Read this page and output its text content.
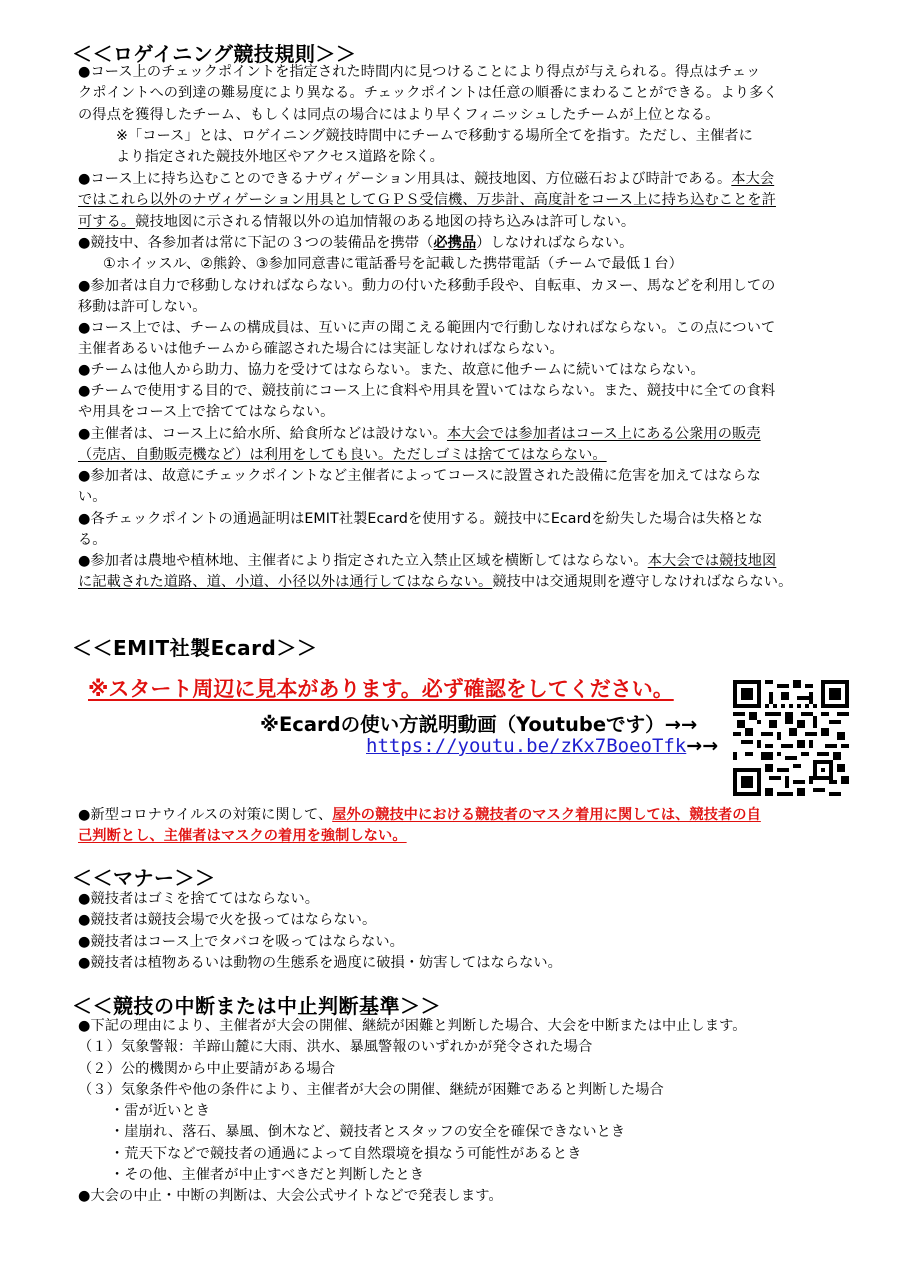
＜＜ロゲイニング競技規則＞＞
●コース上のチェックポイントを指定された時間内に見つけることにより得点が与えられる。得点はチェッ
クポイントへの到達の難易度により異なる。チェックポイントは任意の順番にまわることができる。より多く
の得点を獲得したチーム、もしくは同点の場合にはより早くフィニッシュしたチームが上位となる。
※「コース」とは、ロゲイニング競技時間中にチームで移動する場所全てを指す。ただし、主催者に
より指定された競技外地区やアクセス道路を除く。
●コース上に持ち込むことのできるナヴィゲーション用具は、競技地図、方位磁石および時計である。本大会
ではこれら以外のナヴィゲーション用具としてＧＰＳ受信機、万歩計、高度計をコース上に持ち込むことを許
可する。競技地図に示される情報以外の追加情報のある地図の持ち込みは許可しない。
●競技中、各参加者は常に下記の３つの装備品を携帯（必携品）しなければならない。
①ホイッスル、②熊鈴、③参加同意書に電話番号を記載した携帯電話（チームで最低１台）
●参加者は自力で移動しなければならない。動力の付いた移動手段や、自転車、カヌー、馬などを利用しての
移動は許可しない。
●コース上では、チームの構成員は、互いに声の聞こえる範囲内で行動しなければならない。この点について
主催者あるいは他チームから確認された場合には実証しなければならない。
●チームは他人から助力、協力を受けてはならない。また、故意に他チームに続いてはならない。
●チームで使用する目的で、競技前にコース上に食料や用具を置いてはならない。また、競技中に全ての食料
や用具をコース上で捨ててはならない。
●主催者は、コース上に給水所、給食所などは設けない。本大会では参加者はコース上にある公衆用の販売
（売店、自動販売機など）は利用をしても良い。ただしゴミは捨ててはならない。
●参加者は、故意にチェックポイントなど主催者によってコースに設置された設備に危害を加えてはならな
い。
●各チェックポイントの通過証明はEMIT社製Ecardを使用する。競技中にEcardを紛失した場合は失格とな
る。
●参加者は農地や植林地、主催者により指定された立入禁止区域を横断してはならない。本大会では競技地図
に記載された道路、道、小道、小径以外は通行してはならない。競技中は交通規則を遵守しなければならない。
＜＜EMIT社製Ecard＞＞
※スタート周辺に見本があります。必ず確認をしてください。
※Ecardの使い方説明動画（Youtubeです）→→
https://youtu.be/zKx7BoeoTfk→→
●新型コロナウイルスの対策に関して、屋外の競技中における競技者のマスク着用に関しては、競技者の自
己判断とし、主催者はマスクの着用を強制しない。
＜＜マナー＞＞
●競技者はゴミを捨ててはならない。
●競技者は競技会場で火を扱ってはならない。
●競技者はコース上でタバコを吸ってはならない。
●競技者は植物あるいは動物の生態系を過度に破損・妨害してはならない。
＜＜競技の中断または中止判断基準＞＞
●下記の理由により、主催者が大会の開催、継続が困難と判断した場合、大会を中断または中止します。
（１）気象警報：羊蹄山麓に大雨、洪水、暴風警報のいずれかが発令された場合
（２）公的機関から中止要請がある場合
（３）気象条件や他の条件により、主催者が大会の開催、継続が困難であると判断した場合
・雷が近いとき
・崖崩れ、落石、暴風、倒木など、競技者とスタッフの安全を確保できないとき
・荒天下などで競技者の通過によって自然環境を損なう可能性があるとき
・その他、主催者が中止すべきだと判断したとき
●大会の中止・中断の判断は、大会公式サイトなどで発表します。
